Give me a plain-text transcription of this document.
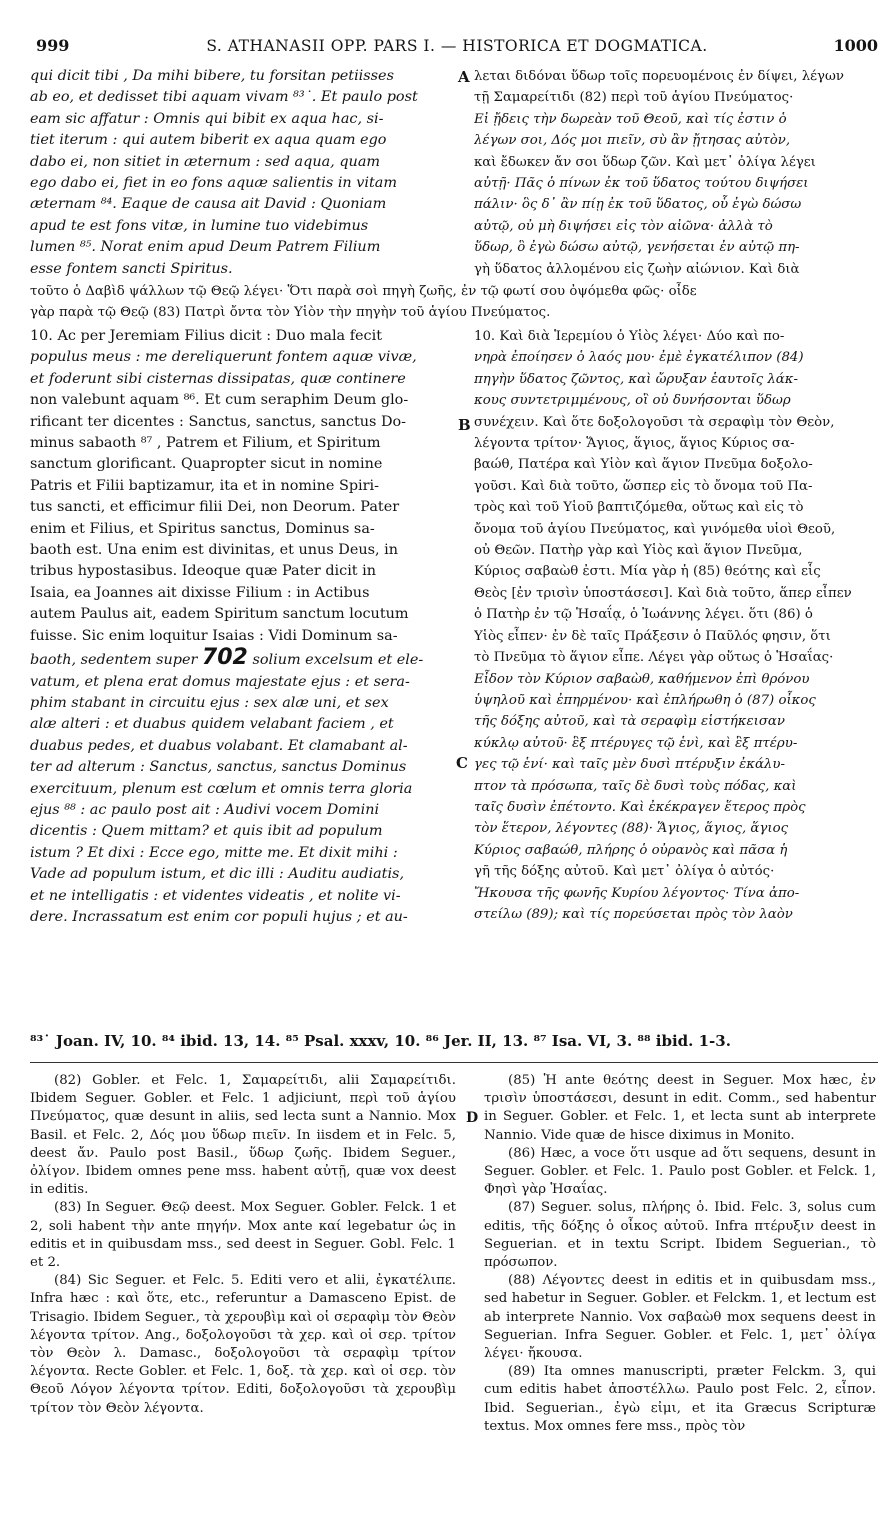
999	S. ATHANASII OPP. PARS I. — HISTORICA ET DOGMATICA.	1000
qui dicit tibi , Da mihi bibere, tu forsitan petiisses
ab eo, et dedisset tibi aquam vivam ⁸³˙. Et paulo post
eam sic affatur : Omnis qui bibit ex aqua hac, si-
tiet iterum : qui autem biberit ex aqua quam ego
dabo ei, non sitiet in æternum : sed aqua, quam
ego dabo ei, fiet in eo fons aquæ salientis in vitam
æternam ⁸⁴. Eaque de causa ait David : Quoniam
apud te est fons vitæ, in lumine tuo videbimus
lumen ⁸⁵. Norat enim apud Deum Patrem Filium
esse fontem sancti Spiritus.
A λεται διδόναι ὕδωρ τοῖς πορευομένοις ἐν δίψει, λέγων
τῇ Σαμαρείτιδι (82) περὶ τοῦ ἁγίου Πνεύματος·
Εἰ ᾔδεις τὴν δωρεὰν τοῦ Θεοῦ, καὶ τίς ἐστιν ὁ
λέγων σοι, Δός μοι πιεῖν, σὺ ἂν ᾔτησας αὐτὸν,
καὶ ἔδωκεν ἄν σοι ὕδωρ ζῶν. Καὶ μετ᾽ ὀλίγα λέγει
αὐτῇ· Πᾶς ὁ πίνων ἐκ τοῦ ὕδατος τούτου διψήσει
πάλιν· ὃς δ᾽ ἂν πίῃ ἐκ τοῦ ὕδατος, οὗ ἐγὼ δώσω
αὐτῷ, οὐ μὴ διψήσει εἰς τὸν αἰῶνα· ἀλλὰ τὸ
ὕδωρ, ὃ ἐγὼ δώσω αὐτῷ, γενήσεται ἐν αὐτῷ πη-
γὴ ὕδατος ἁλλομένου εἰς ζωὴν αἰώνιον. Καὶ διὰ
τοῦτο ὁ Δαβὶδ ψάλλων τῷ Θεῷ λέγει· Ὅτι παρὰ σοὶ πηγὴ ζωῆς, ἐν τῷ φωτί σου ὀψόμεθα φῶς· οἶδε
γὰρ παρὰ τῷ Θεῷ (83) Πατρὶ ὄντα τὸν Υἱὸν τὴν πηγὴν τοῦ ἁγίου Πνεύματος.
10. Ac per Jeremiam Filius dicit : Duo mala fecit
populus meus : me dereliquerunt fontem aquæ vivæ,
et foderunt sibi cisternas dissipatas, quæ continere
non valebunt aquam ⁸⁶. Et cum seraphim Deum glo-
rificant ter dicentes : Sanctus, sanctus, sanctus Do-
minus sabaoth ⁸⁷ , Patrem et Filium, et Spiritum
sanctum glorificant. Quapropter sicut in nomine
Patris et Filii baptizamur, ita et in nomine Spiri-
tus sancti, et efficimur filii Dei, non Deorum. Pater
enim et Filius, et Spiritus sanctus, Dominus sa-
baoth est. Una enim est divinitas, et unus Deus, in
tribus hypostasibus. Ideoque quæ Pater dicit in
Isaia, ea Joannes ait dixisse Filium : in Actibus
autem Paulus ait, eadem Spiritum sanctum locutum
fuisse. Sic enim loquitur Isaias : Vidi Dominum sa-
baoth, sedentem super 702 solium excelsum et ele-
vatum, et plena erat domus majestate ejus : et sera-
phim stabant in circuitu ejus : sex alæ uni, et sex
alæ alteri : et duabus quidem velabant faciem , et
duabus pedes, et duabus volabant. Et clamabant al-
ter ad alterum : Sanctus, sanctus, sanctus Dominus
exercituum, plenum est cœlum et omnis terra gloria
ejus ⁸⁸ : ac paulo post ait : Audivi vocem Domini
dicentis : Quem mittam? et quis ibit ad populum
istum ? Et dixi : Ecce ego, mitte me. Et dixit mihi :
Vade ad populum istum, et dic illi : Auditu audiatis,
et ne intelligatis : et videntes videatis , et nolite vi-
dere. Incrassatum est enim cor populi hujus ; et au-
B
C
10. Καὶ διὰ Ἱερεμίου ὁ Υἱὸς λέγει· Δύο καὶ πο-
νηρὰ ἐποίησεν ὁ λαός μου· ἐμὲ ἐγκατέλιπον (84)
πηγὴν ὕδατος ζῶντος, καὶ ὤρυξαν ἑαυτοῖς λάκ-
κους συντετριμμένους, οἳ οὐ δυνήσονται ὕδωρ
συνέχειν. Καὶ ὅτε δοξολογοῦσι τὰ σεραφὶμ τὸν Θεὸν,
λέγοντα τρίτον· Ἅγιος, ἅγιος, ἅγιος Κύριος σα-
βαώθ, Πατέρα καὶ Υἱὸν καὶ ἅγιον Πνεῦμα δοξολο-
γοῦσι. Καὶ διὰ τοῦτο, ὥσπερ εἰς τὸ ὄνομα τοῦ Πα-
τρὸς καὶ τοῦ Υἱοῦ βαπτιζόμεθα, οὕτως καὶ εἰς τὸ
ὄνομα τοῦ ἁγίου Πνεύματος, καὶ γινόμεθα υἱοὶ Θεοῦ,
οὐ Θεῶν. Πατὴρ γὰρ καὶ Υἱὸς καὶ ἅγιον Πνεῦμα,
Κύριος σαβαὼθ ἐστι. Μία γὰρ ἡ (85) θεότης καὶ εἷς
Θεὸς [ἐν τρισὶν ὑποστάσεσι]. Καὶ διὰ τοῦτο, ἅπερ εἶπεν
ὁ Πατὴρ ἐν τῷ Ἡσαΐᾳ, ὁ Ἰωάννης λέγει. ὅτι (86) ὁ
Υἱὸς εἶπεν· ἐν δὲ ταῖς Πράξεσιν ὁ Παῦλός φησιν, ὅτι
τὸ Πνεῦμα τὸ ἅγιον εἶπε. Λέγει γὰρ οὕτως ὁ Ἡσαΐας·
Εἶδον τὸν Κύριον σαβαὼθ, καθήμενον ἐπὶ θρόνου
ὑψηλοῦ καὶ ἐπηρμένου· καὶ ἐπλήρωθη ὁ (87) οἶκος
τῆς δόξης αὐτοῦ, καὶ τὰ σεραφὶμ εἱστήκεισαν
κύκλῳ αὐτοῦ· ἓξ πτέρυγες τῷ ἑνὶ, καὶ ἓξ πτέρυ-
γες τῷ ἑνί· καὶ ταῖς μὲν δυσὶ πτέρυξιν ἐκάλυ-
πτον τὰ πρόσωπα, ταῖς δὲ δυσὶ τοὺς πόδας, καὶ
ταῖς δυσὶν ἐπέτοντο. Καὶ ἐκέκραγεν ἕτερος πρὸς
τὸν ἕτερον, λέγοντες (88)· Ἅγιος, ἅγιος, ἅγιος
Κύριος σαβαώθ, πλήρης ὁ οὐρανὸς καὶ πᾶσα ἡ
γῆ τῆς δόξης αὐτοῦ. Καὶ μετ᾽ ὀλίγα ὁ αὐτός·
Ἤκουσα τῆς φωνῆς Κυρίου λέγοντος· Τίνα ἀπο-
στείλω (89); καὶ τίς πορεύσεται πρὸς τὸν λαὸν
⁸³˙ Joan. IV, 10. ⁸⁴ ibid. 13, 14. ⁸⁵ Psal. xxxv, 10. ⁸⁶ Jer. II, 13. ⁸⁷ Isa. VI, 3. ⁸⁸ ibid. 1-3.

(82) Gobler. et Felc. 1, Σαμαρείτιδι, alii Σαμαρείτιδι. Ibidem Seguer. Gobler. et Felc. 1 adjiciunt, περὶ τοῦ ἁγίου Πνεύματος, quæ desunt in aliis, sed lecta sunt a Nannio. Mox Basil. et Felc. 2, Δός μου ὕδωρ πιεῖν. In iisdem et in Felc. 5, deest ἄν. Paulo post Basil., ὕδωρ ζωῆς. Ibidem Seguer., ὀλίγον. Ibidem omnes pene mss. habent αὐτῇ, quæ vox deest in editis.

(83) In Seguer. Θεῷ deest. Mox Seguer. Gobler. Felck. 1 et 2, soli habent τὴν ante πηγήν. Mox ante καί legebatur ὡς in editis et in quibusdam mss., sed deest in Seguer. Gobl. Felc. 1 et 2.

(84) Sic Seguer. et Felc. 5. Editi vero et alii, ἐγκατέλιπε. Infra hæc : καὶ ὅτε, etc., referuntur a Damasceno Epist. de Trisagio. Ibidem Seguer., τὰ χερουβὶμ καὶ οἱ σεραφὶμ τὸν Θεὸν λέγοντα τρίτον. Ang., δοξολογοῦσι τὰ χερ. καὶ οἱ σερ. τρίτον τὸν Θεὸν λ. Damasc., δοξολογοῦσι τὰ σεραφὶμ τρίτον λέγοντα. Recte Gobler. et Felc. 1, δοξ. τὰ χερ. καὶ οἱ σερ. τὸν Θεοῦ Λόγον λέγοντα τρίτον. Editi, δοξολογοῦσι τὰ χερουβὶμ τρίτον τὸν Θεὸν λέγοντα.

D

(85) Ἡ ante θεότης deest in Seguer. Mox hæc, ἐν τρισὶν ὑποστάσεσι, desunt in edit. Comm., sed habentur in Seguer. Gobler. et Felc. 1, et lecta sunt ab interprete Nannio. Vide quæ de hisce diximus in Monito.

(86) Hæc, a voce ὅτι usque ad ὅτι sequens, desunt in Seguer. Gobler. et Felc. 1. Paulo post Gobler. et Felck. 1, Φησὶ γὰρ Ἡσαΐας.

(87) Seguer. solus, πλήρης ὁ. Ibid. Felc. 3, solus cum editis, τῆς δόξης ὁ οἶκος αὐτοῦ. Infra πτέρυξιν deest in Seguerian. et in textu Script. Ibidem Seguerian., τὸ πρόσωπον.

(88) Λέγοντες deest in editis et in quibusdam mss., sed habetur in Seguer. Gobler. et Felckm. 1, et lectum est ab interprete Nannio. Vox σαβαὼθ mox sequens deest in Seguerian. Infra Seguer. Gobler. et Felc. 1, μετ᾽ ὀλίγα λέγει· ἤκουσα.

(89) Ita omnes manuscripti, præter Felckm. 3, qui cum editis habet ἀποστέλλω. Paulo post Felc. 2, εἶπον. Ibid. Seguerian., ἐγὼ εἰμι, et ita Græcus Scripturæ textus. Mox omnes fere mss., πρὸς τὸν
